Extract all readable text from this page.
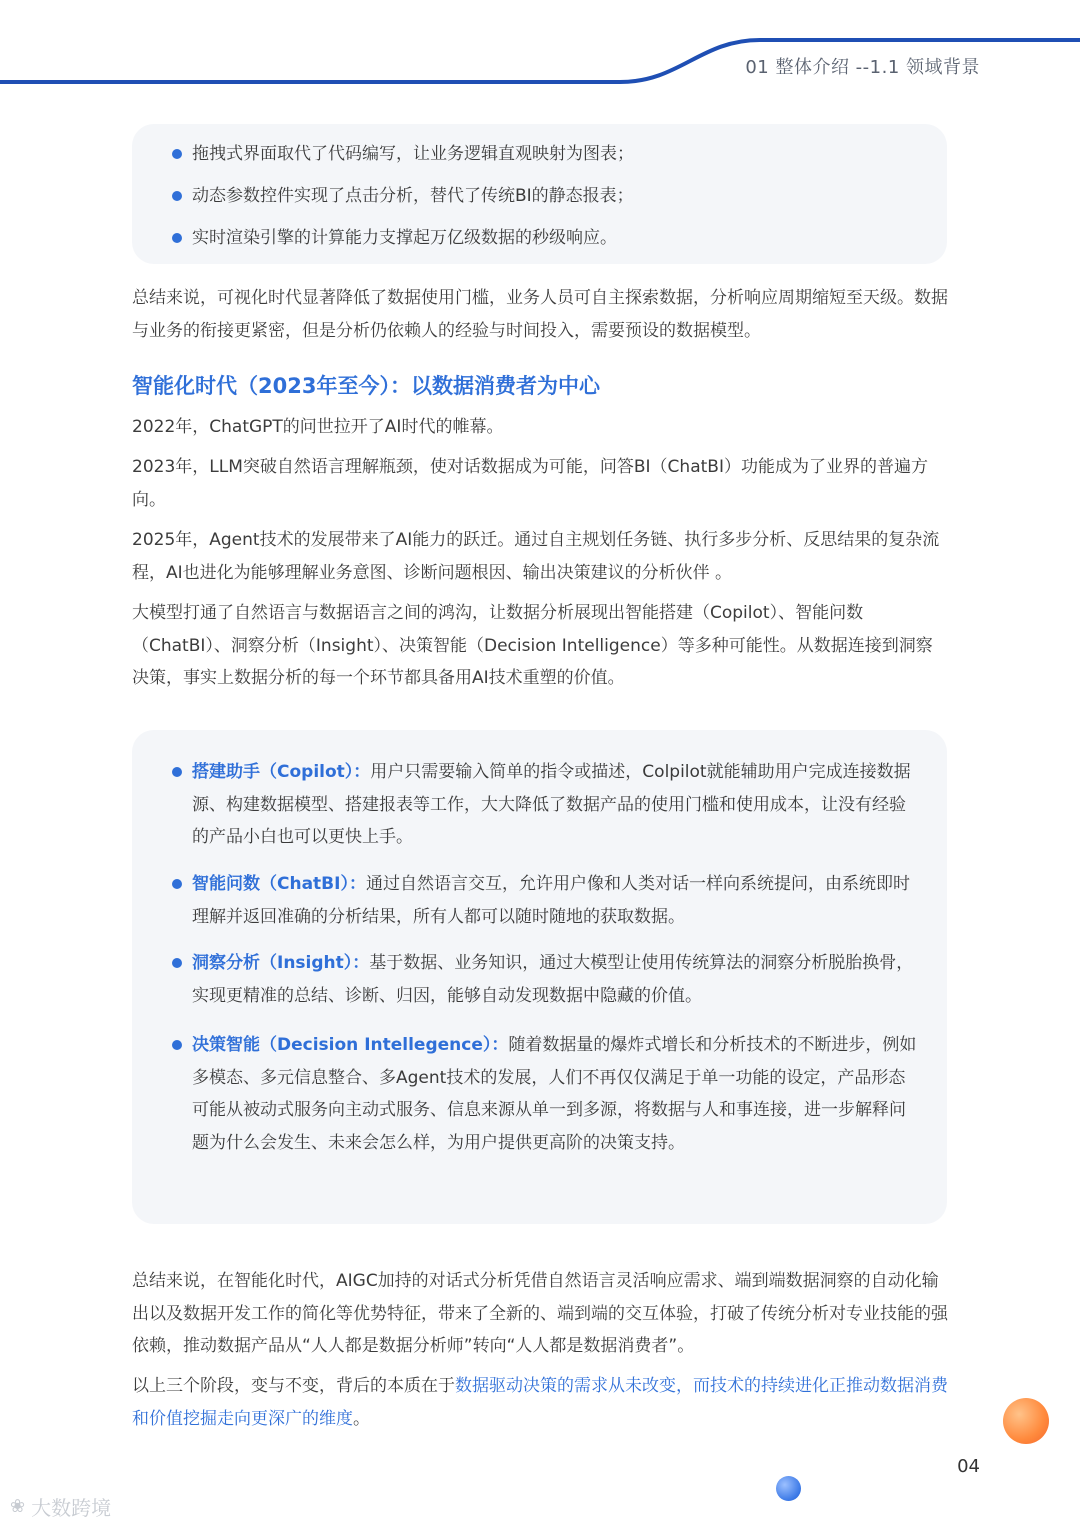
01 整体介绍 --1.1 领域背景
拖拽式界面取代了代码编写，让业务逻辑直观映射为图表；
动态参数控件实现了点击分析，替代了传统BI的静态报表；
实时渲染引擎的计算能力支撑起万亿级数据的秒级响应。

总结来说，可视化时代显著降低了数据使用门槛，业务人员可自主探索数据，分析响应周期缩短至天级。数据与业务的衔接更紧密，但是分析仍依赖人的经验与时间投入，需要预设的数据模型。

智能化时代（2023年至今）：以数据消费者为中心

2022年，ChatGPT的问世拉开了AI时代的帷幕。

2023年，LLM突破自然语言理解瓶颈，使对话数据成为可能，问答BI（ChatBI）功能成为了业界的普遍方向。

2025年，Agent技术的发展带来了AI能力的跃迁。通过自主规划任务链、执行多步分析、反思结果的复杂流程，AI也进化为能够理解业务意图、诊断问题根因、输出决策建议的分析伙伴 。

大模型打通了自然语言与数据语言之间的鸿沟，让数据分析展现出智能搭建（Copilot）、智能问数（ChatBI）、洞察分析（Insight）、决策智能（Decision Intelligence）等多种可能性。从数据连接到洞察决策，事实上数据分析的每一个环节都具备用AI技术重塑的价值。

搭建助手（Copilot）：用户只需要输入简单的指令或描述，Colpilot就能辅助用户完成连接数据源、构建数据模型、搭建报表等工作，大大降低了数据产品的使用门槛和使用成本，让没有经验的产品小白也可以更快上手。
智能问数（ChatBI）：通过自然语言交互，允许用户像和人类对话一样向系统提问，由系统即时理解并返回准确的分析结果，所有人都可以随时随地的获取数据。
洞察分析（Insight）：基于数据、业务知识，通过大模型让使用传统算法的洞察分析脱胎换骨，实现更精准的总结、诊断、归因，能够自动发现数据中隐藏的价值。
决策智能（Decision Intellegence）：随着数据量的爆炸式增长和分析技术的不断进步，例如多模态、多元信息整合、多Agent技术的发展，人们不再仅仅满足于单一功能的设定，产品形态可能从被动式服务向主动式服务、信息来源从单一到多源，将数据与人和事连接，进一步解释问题为什么会发生、未来会怎么样，为用户提供更高阶的决策支持。

总结来说，在智能化时代，AIGC加持的对话式分析凭借自然语言灵活响应需求、端到端数据洞察的自动化输出以及数据开发工作的简化等优势特征，带来了全新的、端到端的交互体验，打破了传统分析对专业技能的强依赖，推动数据产品从“人人都是数据分析师”转向“人人都是数据消费者”。

以上三个阶段，变与不变，背后的本质在于数据驱动决策的需求从未改变，而技术的持续进化正推动数据消费和价值挖掘走向更深广的维度。

04
❀ 大数跨境
